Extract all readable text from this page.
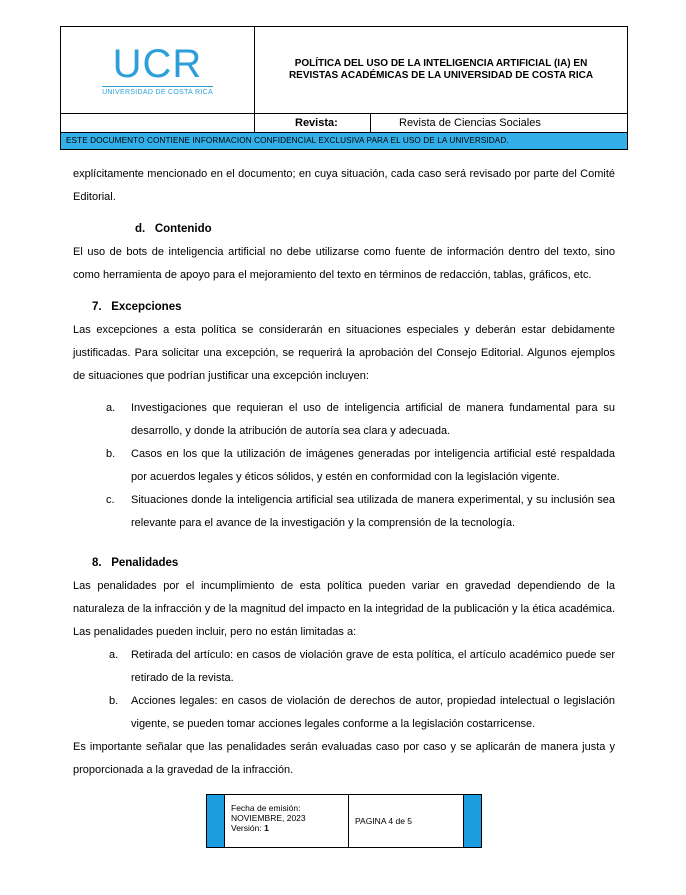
UCR
UNIVERSIDAD DE COSTA RICA
POLÍTICA DEL USO DE LA INTELIGENCIA ARTIFICIAL (IA) EN REVISTAS ACADÉMICAS DE LA UNIVERSIDAD DE COSTA RICA
Revista:	Revista de Ciencias Sociales
ESTE DOCUMENTO CONTIENE INFORMACION CONFIDENCIAL EXCLUSIVA PARA EL USO DE LA UNIVERSIDAD.

explícitamente mencionado en el documento; en cuya situación, cada caso será revisado por parte del Comité Editorial.

d. Contenido

El uso de bots de inteligencia artificial no debe utilizarse como fuente de información dentro del texto, sino como herramienta de apoyo para el mejoramiento del texto en términos de redacción, tablas, gráficos, etc.

7. Excepciones

Las excepciones a esta política se considerarán en situaciones especiales y deberán estar debidamente justificadas. Para solicitar una excepción, se requerirá la aprobación del Consejo Editorial. Algunos ejemplos de situaciones que podrían justificar una excepción incluyen:

a.	Investigaciones que requieran el uso de inteligencia artificial de manera fundamental para su desarrollo, y donde la atribución de autoría sea clara y adecuada.
b.	Casos en los que la utilización de imágenes generadas por inteligencia artificial esté respaldada por acuerdos legales y éticos sólidos, y estén en conformidad con la legislación vigente.
c.	Situaciones donde la inteligencia artificial sea utilizada de manera experimental, y su inclusión sea relevante para el avance de la investigación y la comprensión de la tecnología.
8. Penalidades

Las penalidades por el incumplimiento de esta política pueden variar en gravedad dependiendo de la naturaleza de la infracción y de la magnitud del impacto en la integridad de la publicación y la ética académica. Las penalidades pueden incluir, pero no están limitadas a:

a.	Retirada del artículo: en casos de violación grave de esta política, el artículo académico puede ser retirado de la revista.
b.	Acciones legales: en casos de violación de derechos de autor, propiedad intelectual o legislación vigente, se pueden tomar acciones legales conforme a la legislación costarricense.

Es importante señalar que las penalidades serán evaluadas caso por caso y se aplicarán de manera justa y proporcionada a la gravedad de la infracción.

Fecha de emisión:
NOVIEMBRE, 2023
Versión: 1
PAGINA 4 de 5
